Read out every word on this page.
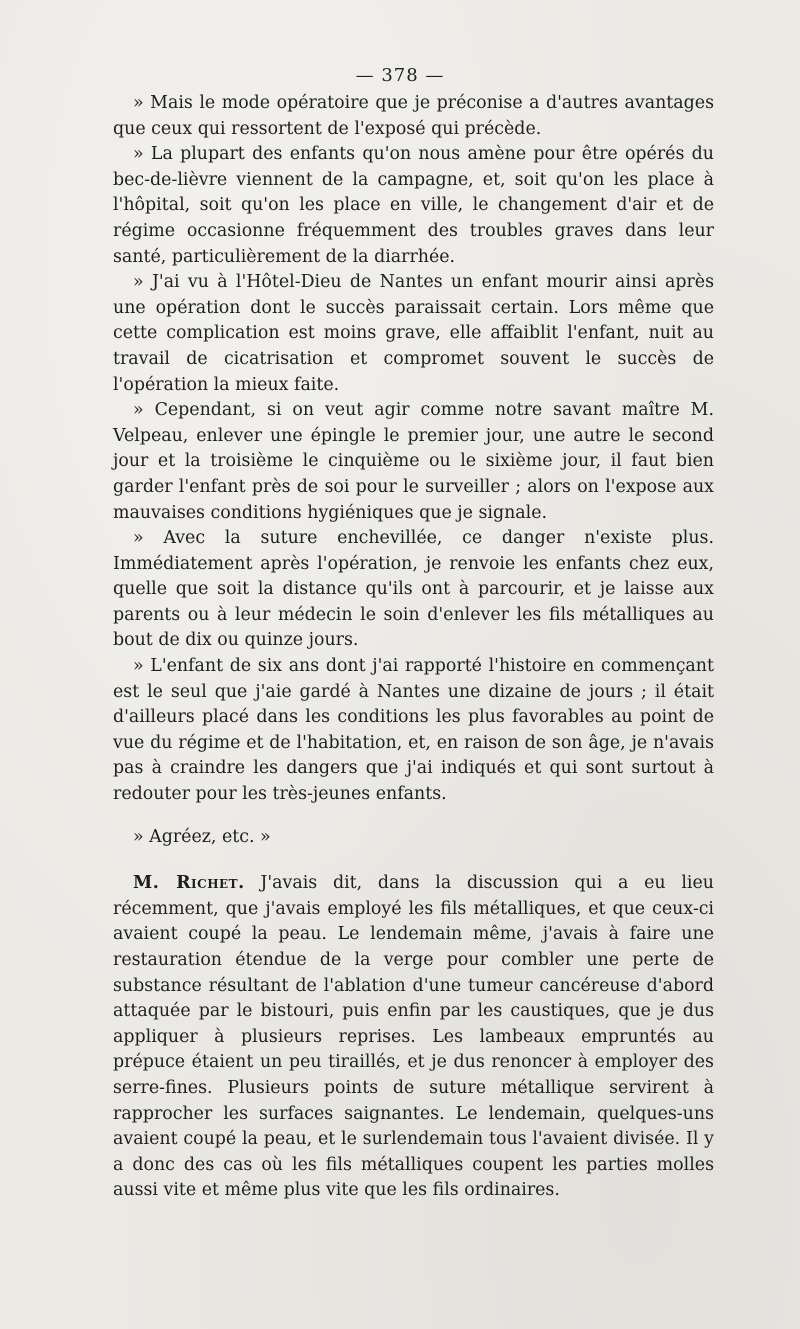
— 378 —

» Mais le mode opératoire que je préconise a d'autres avantages que ceux qui ressortent de l'exposé qui précède.

» La plupart des enfants qu'on nous amène pour être opérés du bec-de-lièvre viennent de la campagne, et, soit qu'on les place à l'hôpital, soit qu'on les place en ville, le changement d'air et de régime occasionne fréquemment des troubles graves dans leur santé, particulièrement de la diarrhée.

» J'ai vu à l'Hôtel-Dieu de Nantes un enfant mourir ainsi après une opération dont le succès paraissait certain. Lors même que cette complication est moins grave, elle affaiblit l'enfant, nuit au travail de cicatrisation et compromet souvent le succès de l'opération la mieux faite.

» Cependant, si on veut agir comme notre savant maître M. Velpeau, enlever une épingle le premier jour, une autre le second jour et la troisième le cinquième ou le sixième jour, il faut bien garder l'enfant près de soi pour le surveiller ; alors on l'expose aux mauvaises conditions hygiéniques que je signale.

» Avec la suture enchevillée, ce danger n'existe plus. Immédiatement après l'opération, je renvoie les enfants chez eux, quelle que soit la distance qu'ils ont à parcourir, et je laisse aux parents ou à leur médecin le soin d'enlever les fils métalliques au bout de dix ou quinze jours.

» L'enfant de six ans dont j'ai rapporté l'histoire en commençant est le seul que j'aie gardé à Nantes une dizaine de jours ; il était d'ailleurs placé dans les conditions les plus favorables au point de vue du régime et de l'habitation, et, en raison de son âge, je n'avais pas à craindre les dangers que j'ai indiqués et qui sont surtout à redouter pour les très-jeunes enfants.

» Agréez, etc. »

M. Richet. J'avais dit, dans la discussion qui a eu lieu récemment, que j'avais employé les fils métalliques, et que ceux-ci avaient coupé la peau. Le lendemain même, j'avais à faire une restauration étendue de la verge pour combler une perte de substance résultant de l'ablation d'une tumeur cancéreuse d'abord attaquée par le bistouri, puis enfin par les caustiques, que je dus appliquer à plusieurs reprises. Les lambeaux empruntés au prépuce étaient un peu tiraillés, et je dus renoncer à employer des serre-fines. Plusieurs points de suture métallique servirent à rapprocher les surfaces saignantes. Le lendemain, quelques-uns avaient coupé la peau, et le surlendemain tous l'avaient divisée. Il y a donc des cas où les fils métalliques coupent les parties molles aussi vite et même plus vite que les fils ordinaires.
